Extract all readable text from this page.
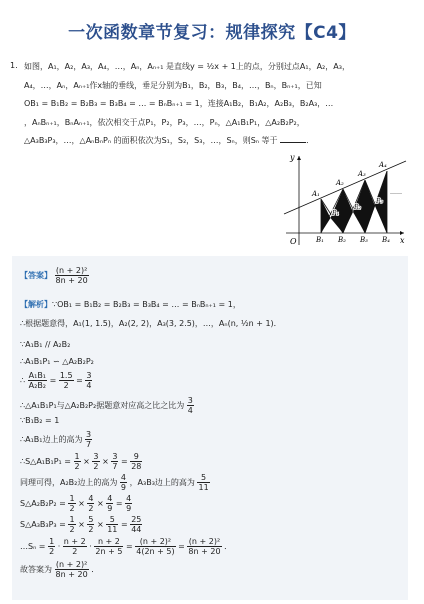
一次函数章节复习：规律探究【C4】
1. 如图，A₁，A₂，A₃，A₄，…，Aₙ，Aₙ₊₁ 是直线y = ½x + 1上的点，分别过点A₁，A₂，A₃，
A₄，…，Aₙ，Aₙ₊₁作x轴的垂线，垂足分别为B₁，B₂，B₃，B₄，…，Bₙ，Bₙ₊₁，已知
OB₁ = B₁B₂ = B₂B₃ = B₃B₄ = … = BₙBₙ₊₁ = 1，连接A₁B₂，B₁A₂，A₂B₃，B₂A₃，…
，AₙBₙ₊₁，BₙAₙ₊₁，依次相交于点P₁，P₂，P₃，…，Pₙ，△A₁B₁P₁，△A₂B₂P₂，
△A₃B₃P₃，…，△AₙBₙPₙ 的面积依次为S₁，S₂，S₃，…，Sₙ，则Sₙ 等于	．
y
x
O
A₁
A₂
A₃
A₄
B₁ B₂ B₃ B₄
P₁
P₂
P₃
……
【答案】 $\frac{\text{(n + 2)²}}{8n + 20}$
【解析】∵OB₁ = B₁B₂ = B₂B₃ = B₃B₄ = … = BₙBₙ₊₁ = 1，
∴根据题意得，A₁(1, 1.5)，A₂(2, 2)，A₃(3, 2.5)，…，Aₙ(n, ½n + 1)．
∵A₁B₁ // A₂B₂
∴A₁B₁P₁ ∽ △A₂B₂P₂
∴ $\frac{\text{A₁B₁}}{\text{A₂B₂}} = \frac{1.5}{2} = \frac{3}{4}$
∴△A₁B₁P₁与△A₂B₂P₂据题意对应高之比之比为 $\frac{3}{4}$
∵B₁B₂ = 1
∴A₁B₁边上的高为 $\frac{3}{7}$
∴S△A₁B₁P₁ = $\frac{1}{2} \times \frac{3}{2} \times \frac{3}{7} = \frac{9}{28}$
同理可得，A₂B₂边上的高为 $\frac{4}{9}$ ，A₃B₃边上的高为 $\frac{5}{11}$
S△A₂B₂P₂ = $\frac{1}{2} \times \frac{4}{2} \times \frac{4}{9} = \frac{4}{9}$
S△A₃B₃P₃ = $\frac{1}{2} \times \frac{5}{2} \times \frac{5}{11} = \frac{25}{44}$
…Sₙ = $\frac{1}{2} \cdot \frac{n + 2}{2} \cdot \frac{n + 2}{2n + 5} = \frac{\text{(n + 2)²}}{4(2n + 5)} = \frac{\text{(n + 2)²}}{8n + 20}$ ．
故答案为 $\frac{\text{(n + 2)²}}{8n + 20}$ ．
